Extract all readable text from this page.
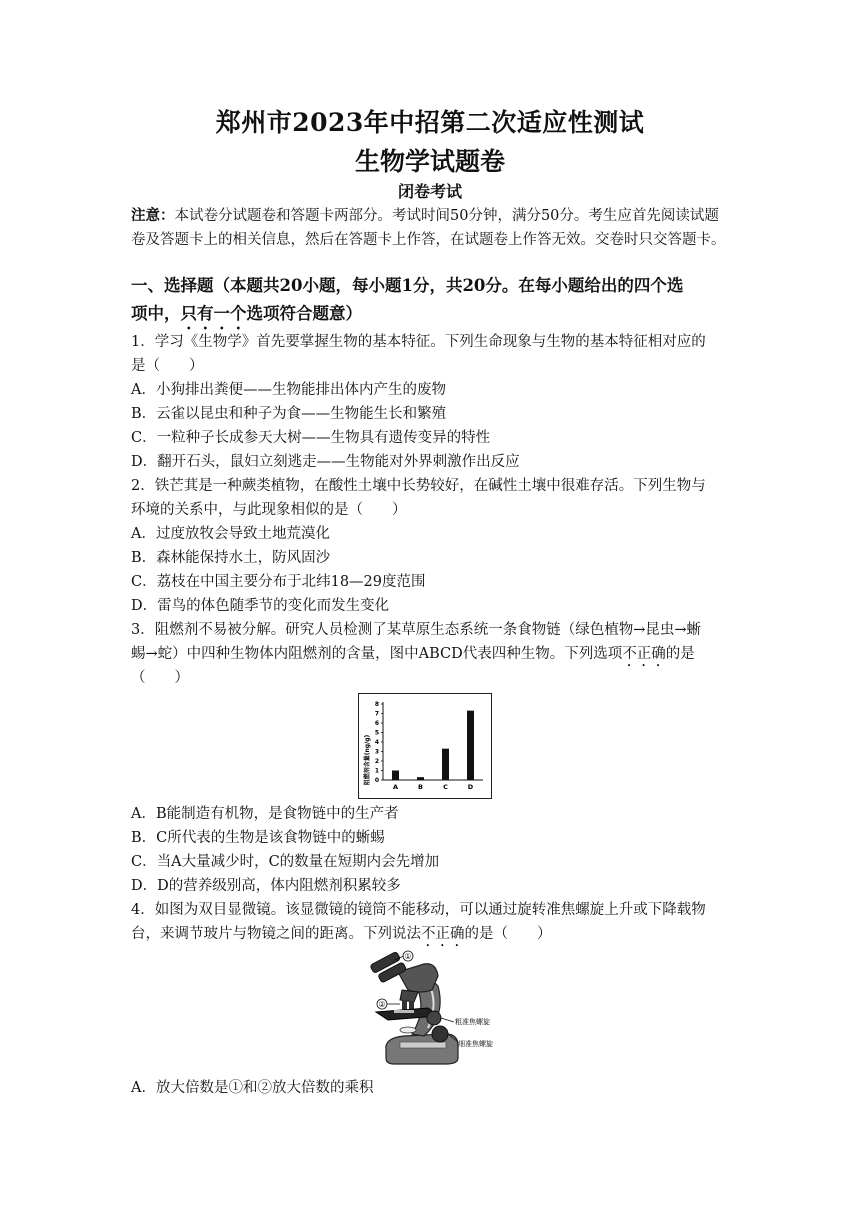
郑州市2023年中招第二次适应性测试
生物学试题卷
闭卷考试
注意：本试卷分试题卷和答题卡两部分。考试时间50分钟，满分50分。考生应首先阅读试题卷及答题卡上的相关信息，然后在答题卡上作答，在试题卷上作答无效。交卷时只交答题卡。
一、选择题（本题共20小题，每小题1分，共20分。在每小题给出的四个选
项中，只有一个选项符合题意）
1．学习《生物学》首先要掌握生物的基本特征。下列生命现象与生物的基本特征相对应的
是（　　）
A．小狗排出粪便——生物能排出体内产生的废物
B．云雀以昆虫和种子为食——生物能生长和繁殖
C．一粒种子长成参天大树——生物具有遗传变异的特性
D．翻开石头，鼠妇立刻逃走——生物能对外界刺激作出反应
2．铁芒萁是一种蕨类植物，在酸性土壤中长势较好，在碱性土壤中很难存活。下列生物与
环境的关系中，与此现象相似的是（　　）
A．过度放牧会导致土地荒漠化
B．森林能保持水土，防风固沙
C．荔枝在中国主要分布于北纬18—29度范围
D．雷鸟的体色随季节的变化而发生变化
3．阻燃剂不易被分解。研究人员检测了某草原生态系统一条食物链（绿色植物→昆虫→蜥
蜴→蛇）中四种生物体内阻燃剂的含量，图中ABCD代表四种生物。下列选项不正确的是
（　　）
阻燃剂含量(ng/g) 0
1
2
3
4
5
6
7
8
A	B	C	D
A．B能制造有机物，是食物链中的生产者
B．C所代表的生物是该食物链中的蜥蜴
C．当A大量减少时，C的数量在短期内会先增加
D．D的营养级别高，体内阻燃剂积累较多
4．如图为双目显微镜。该显微镜的镜筒不能移动，可以通过旋转准焦螺旋上升或下降载物
台，来调节玻片与物镜之间的距离。下列说法不正确的是（　　）
①
②
粗准焦螺旋
细准焦螺旋
A．放大倍数是①和②放大倍数的乘积
